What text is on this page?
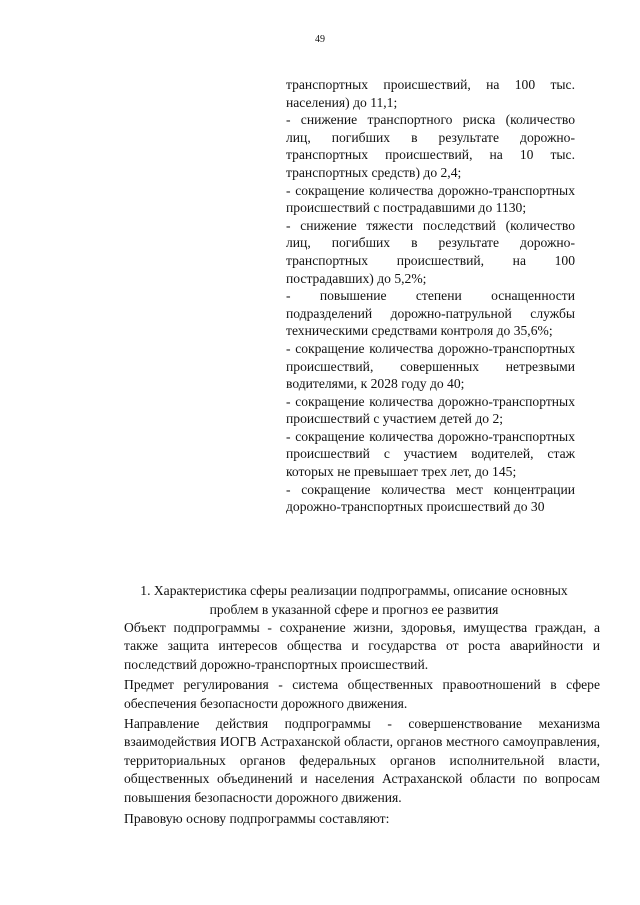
49
транспортных происшествий, на 100 тыс. населения) до 11,1;
- снижение транспортного риска (количество лиц, погибших в результате дорожно-транспортных происшествий, на 10 тыс. транспортных средств) до 2,4;
- сокращение количества дорожно-транспортных происшествий с пострадавшими до 1130;
- снижение тяжести последствий (количество лиц, погибших в результате дорожно-транспортных происшествий, на 100 пострадавших) до 5,2%;
- повышение степени оснащенности подразделений дорожно-патрульной службы техническими средствами контроля до 35,6%;
- сокращение количества дорожно-транспортных происшествий, совершенных нетрезвыми водителями, к 2028 году до 40;
- сокращение количества дорожно-транспортных происшествий с участием детей до 2;
- сокращение количества дорожно-транспортных происшествий с участием водителей, стаж которых не превышает трех лет, до 145;
- сокращение количества мест концентрации дорожно-транспортных происшествий до 30
1. Характеристика сферы реализации подпрограммы, описание основных проблем в указанной сфере и прогноз ее развития

Объект подпрограммы - сохранение жизни, здоровья, имущества граждан, а также защита интересов общества и государства от роста аварийности и последствий дорожно-транспортных происшествий.

Предмет регулирования - система общественных правоотношений в сфере обеспечения безопасности дорожного движения.

Направление действия подпрограммы - совершенствование механизма взаимодействия ИОГВ Астраханской области, органов местного самоуправления, территориальных органов федеральных органов исполнительной власти, общественных объединений и населения Астраханской области по вопросам повышения безопасности дорожного движения.

Правовую основу подпрограммы составляют:
